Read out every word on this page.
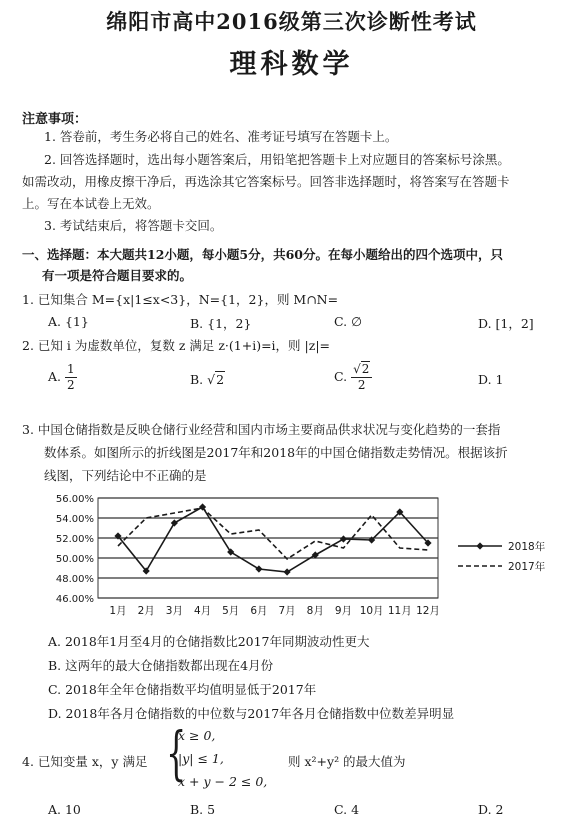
绵阳市高中2016级第三次诊断性考试
理科数学
注意事项：
1. 答卷前，考生务必将自己的姓名、准考证号填写在答题卡上。
2. 回答选择题时，选出每小题答案后，用铅笔把答题卡上对应题目的答案标号涂黑。
如需改动，用橡皮擦干净后，再选涂其它答案标号。回答非选择题时，将答案写在答题卡
上。写在本试卷上无效。
3. 考试结束后，将答题卡交回。
一、选择题：本大题共12小题，每小题5分，共60分。在每小题给出的四个选项中，只
有一项是符合题目要求的。
1. 已知集合 M={x|1≤x<3}，N={1，2}，则 M∩N=
A. {1}	B. {1，2}	C. ∅	D. [1，2]
2. 已知 i 为虚数单位，复数 z 满足 z·(1+i)=i，则 |z|=
A. $\frac{1}{2}$	B. √2	C. $\frac{√2}{2}$	D. 1
3. 中国仓储指数是反映仓储行业经营和国内市场主要商品供求状况与变化趋势的一套指
数体系。如图所示的折线图是2017年和2018年的中国仓储指数走势情况。根据该折
线图，下列结论中不正确的是
46.00%
48.00%
50.00%
52.00%
54.00%
56.00%
1月 2月 3月 4月 5月 6月 7月 8月 9月 10月 11月 12月
2018年
2017年
A. 2018年1月至4月的仓储指数比2017年同期波动性更大
B. 这两年的最大仓储指数都出现在4月份
C. 2018年全年仓储指数平均值明显低于2017年
D. 2018年各月仓储指数的中位数与2017年各月仓储指数中位数差异明显
4. 已知变量 x，y 满足 {
x ≥ 0,
|y| ≤ 1,
x + y − 2 ≤ 0,
则 x²+y² 的最大值为
A. 10	B. 5	C. 4	D. 2
